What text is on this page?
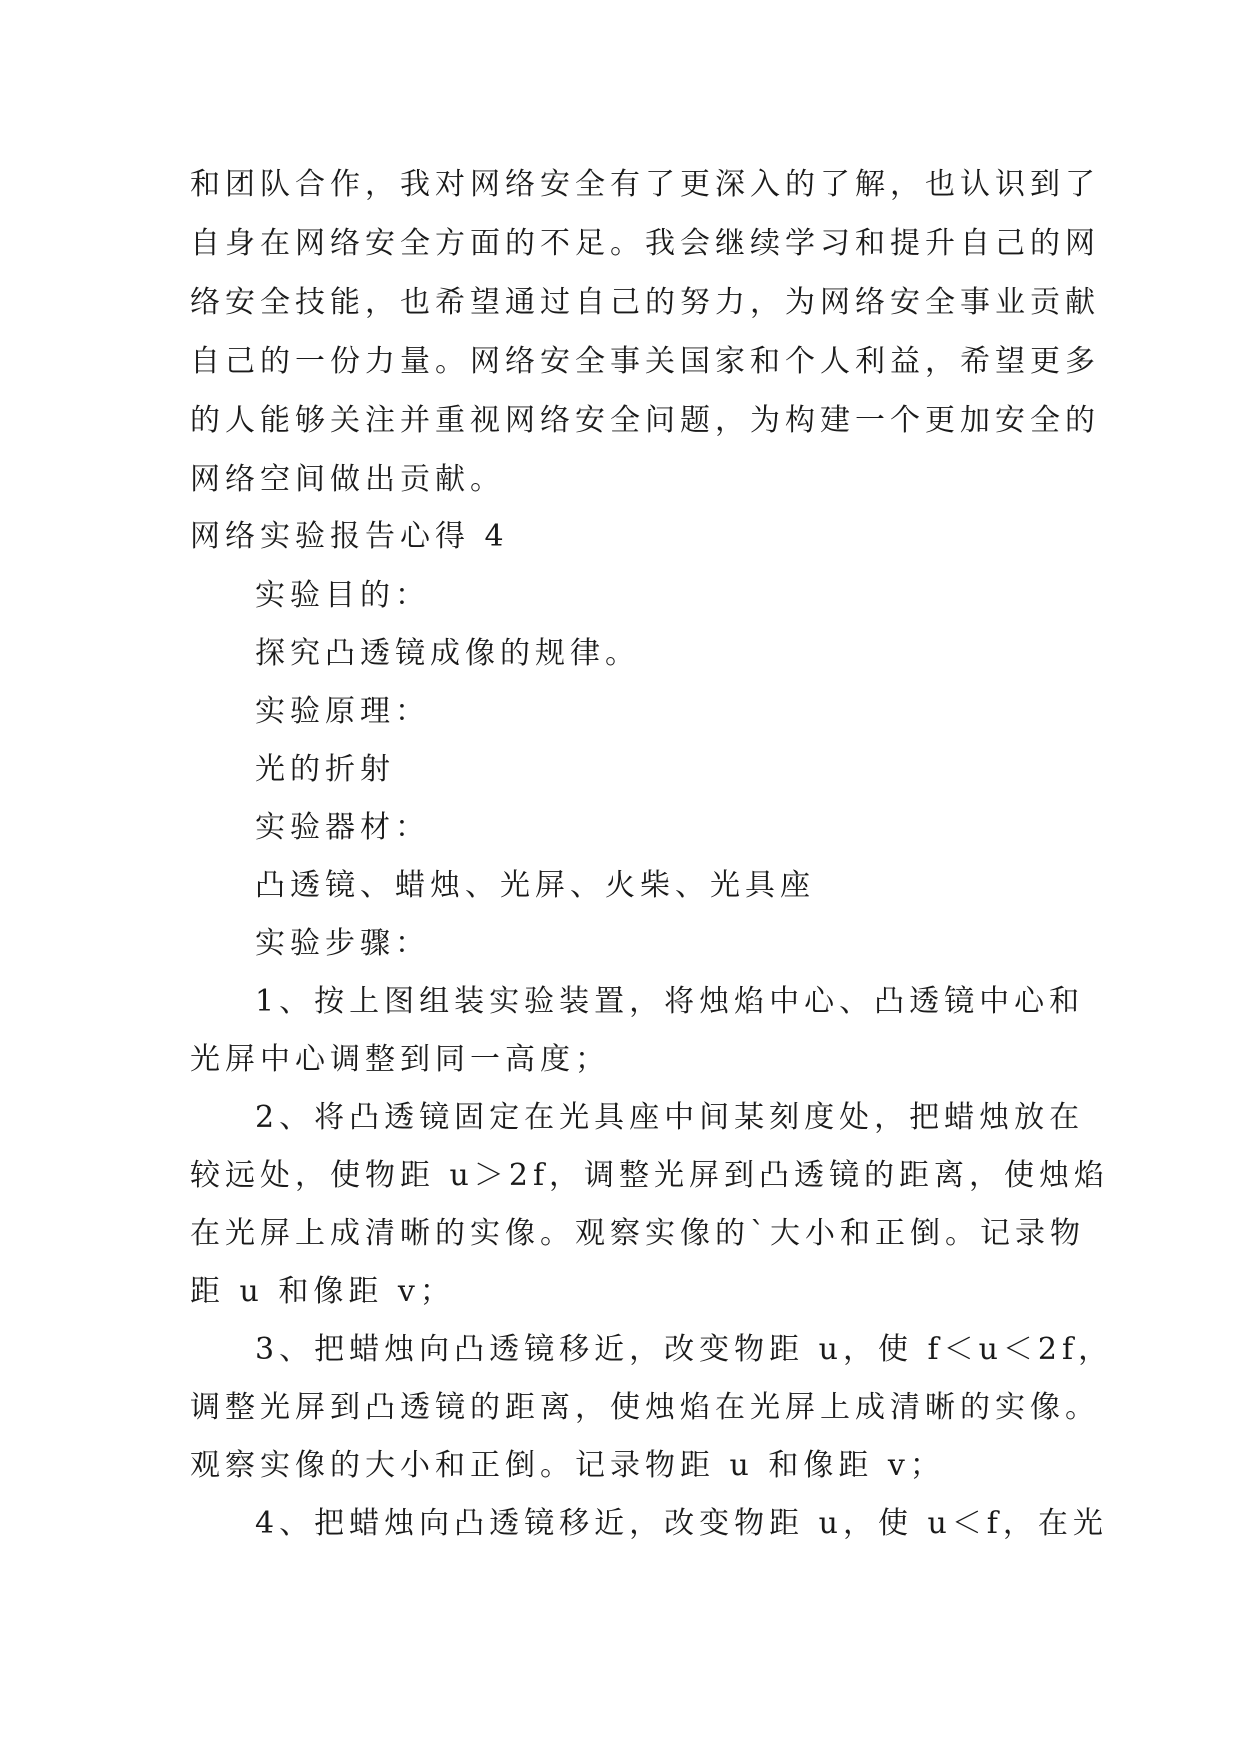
和团队合作，我对网络安全有了更深入的了解，也认识到了
自身在网络安全方面的不足。我会继续学习和提升自己的网
络安全技能，也希望通过自己的努力，为网络安全事业贡献
自己的一份力量。网络安全事关国家和个人利益，希望更多
的人能够关注并重视网络安全问题，为构建一个更加安全的
网络空间做出贡献。
网络实验报告心得 4
实验目的：
探究凸透镜成像的规律。
实验原理：
光的折射
实验器材：
凸透镜、蜡烛、光屏、火柴、光具座
实验步骤：
1、按上图组装实验装置，将烛焰中心、凸透镜中心和
光屏中心调整到同一高度；
2、将凸透镜固定在光具座中间某刻度处，把蜡烛放在
较远处，使物距 u＞2f，调整光屏到凸透镜的距离，使烛焰
在光屏上成清晰的实像。观察实像的`大小和正倒。记录物
距 u 和像距 v；
3、把蜡烛向凸透镜移近，改变物距 u，使 f＜u＜2f，
调整光屏到凸透镜的距离，使烛焰在光屏上成清晰的实像。
观察实像的大小和正倒。记录物距 u 和像距 v；
4、把蜡烛向凸透镜移近，改变物距 u，使 u＜f，在光
